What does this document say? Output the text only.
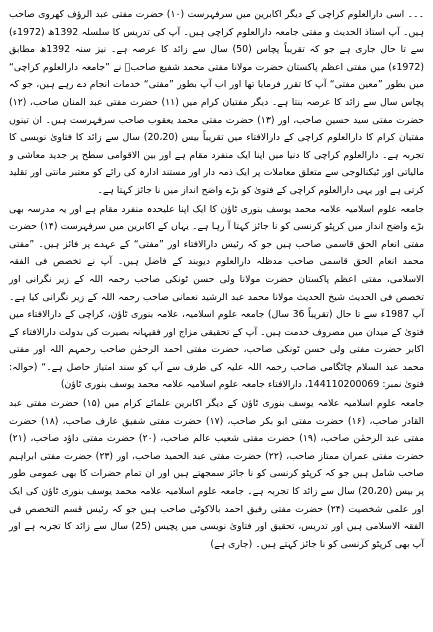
۔۔۔ اسی دارالعلوم کراچی کے دیگر اکابرین میں سرفہرست (۱۰) حضرت مفتی عبد الرؤف کھروی صاحب ہیں۔ آپ استاذ الحدیث و مفتی جامعہ دارالعلوم کراچی ہیں۔ آپ کی تدریس کا سلسلہ 1392ھ (1972ء) سے تا حال جاری ہے جو کہ تقریباً پچاس (50) سال سے زائد کا عرصہ ہے۔ نیز سنہ 1392ھ مطابق (1972ء) میں مفتی اعظم پاکستان حضرت مولانا مفتی محمد شفیع صاحبؒ نے ”جامعہ دارالعلوم کراچی“ میں بطور ”معین مفتی“ آپ کا تقرر فرمایا تھا اور اب آپ بطور ”مفتی“ خدمات انجام دے رہے ہیں، جو کہ پچاس سال سے زائد کا عرصہ بنتا ہے۔ دیگر مفتیان کرام میں (۱۱) حضرت مفتی عبد المنان صاحب، (۱۲) حضرت مفتی سید حسین صاحب، اور (۱۳) حضرت مفتی محمد یعقوب صاحب سرفہرست ہیں۔ ان تینوں مفتیان کرام کا دارالعلوم کراچی کے دارالافتاء میں تقریباً بیس (20،20) سال سے زائد کا فتاویٰ نویسی کا تجربہ ہے۔ دارالعلوم کراچی کا دنیا میں اپنا ایک منفرد مقام ہے اور بین الاقوامی سطح پر جدید معاشی و مالیاتی اور ٹیکنالوجی سے متعلق معاملات پر ایک ذمہ دار اور مستند ادارہ کی رائے کو معتبر مانتی اور تقلید کرتی ہے اور یہی دارالعلوم کراچی کے فتویٰ کو بڑے واضح انداز میں نا جائز کہتا ہے۔

جامعہ علوم اسلامیہ علامہ محمد یوسف بنوری ٹاؤن کا ایک اپنا علیحدہ منفرد مقام ہے اور یہ مدرسہ بھی بڑے واضح انداز میں کرپٹو کرنسی کو نا جائز کہتا آ رہا ہے۔ یہاں کے اکابرین میں سرفہرست (۱۴) حضرت مفتی انعام الحق قاسمی صاحب ہیں جو کہ رئیس دارالافتاء اور ”مفتی“ کے عہدے پر فائز ہیں۔ ”مفتی محمد انعام الحق قاسمی صاحب مدظلہ دارالعلوم دیوبند کے فاضل ہیں۔ آپ نے تخصص فی الفقہ الاسلامی، مفتی اعظم پاکستان حضرت مولانا ولی حسن ٹونکی صاحب رحمہ اللہ کے زیر نگرانی اور تخصص فی الحدیث شیخ الحدیث مولانا محمد عبد الرشید نعمانی صاحب رحمہ اللہ کے زیر نگرانی کیا ہے۔ آپ 1987ء سے تا حال (تقریباً 36 سال) جامعہ علوم اسلامیہ، علامہ بنوری ٹاؤن، کراچی کے دارالافتاء میں فتویٰ کے میدان میں مصروف خدمت ہیں۔ آپ کے تحقیقی مزاج اور فقیہانہ بصیرت کی بدولت دارالافتاء کے اکابر حضرت مفتی ولی حسن ٹونکی صاحب، حضرت مفتی احمد الرحمٰن صاحب رحمہم اللہ اور مفتی محمد عبد السلام چاٹگامی صاحب رحمہ اللہ علیہ کی طرف سے آپ کو سند امتیاز حاصل ہے۔“ (حوالہ: فتویٰ نمبر: 144110200069، دارالافتاء جامعہ علوم اسلامیہ علامہ محمد یوسف بنوری ٹاؤن)

جامعہ علوم اسلامیہ علامہ یوسف بنوری ٹاؤن کے دیگر اکابرین علمائے کرام میں (۱۵) حضرت مفتی عبد القادر صاحب، (۱۶) حضرت مفتی ابو بکر صاحب، (۱۷) حضرت مفتی شفیق عارف صاحب، (۱۸) حضرت مفتی عبد الرحمٰن صاحب، (۱۹) حضرت مفتی شعیب عالم صاحب، (۲۰) حضرت مفتی داؤد صاحب، (۲۱) حضرت مفتی عمران ممتاز صاحب، (۲۲) حضرت مفتی عبد الحمید صاحب، اور (۲۳) حضرت مفتی ابراہیم صاحب شامل ہیں جو کہ کرپٹو کرنسی کو نا جائز سمجھتے ہیں اور ان تمام حضرات کا بھی عمومی طور پر بیس (20،20) سال سے زائد کا تجربہ ہے۔ جامعہ علوم اسلامیہ علامہ محمد یوسف بنوری ٹاؤن کی ایک اور علمی شخصیت (۲۴) حضرت مفتی رفیق احمد بالاکوٹی صاحب ہیں جو کہ رئیس قسم التخصص فی الفقہ الاسلامی ہیں اور تدریس، تحقیق اور فتاویٰ نویسی میں پچیس (25) سال سے زائد کا تجربہ ہے اور آپ بھی کرپٹو کرنسی کو نا جائز کہتے ہیں۔ (جاری ہے)
